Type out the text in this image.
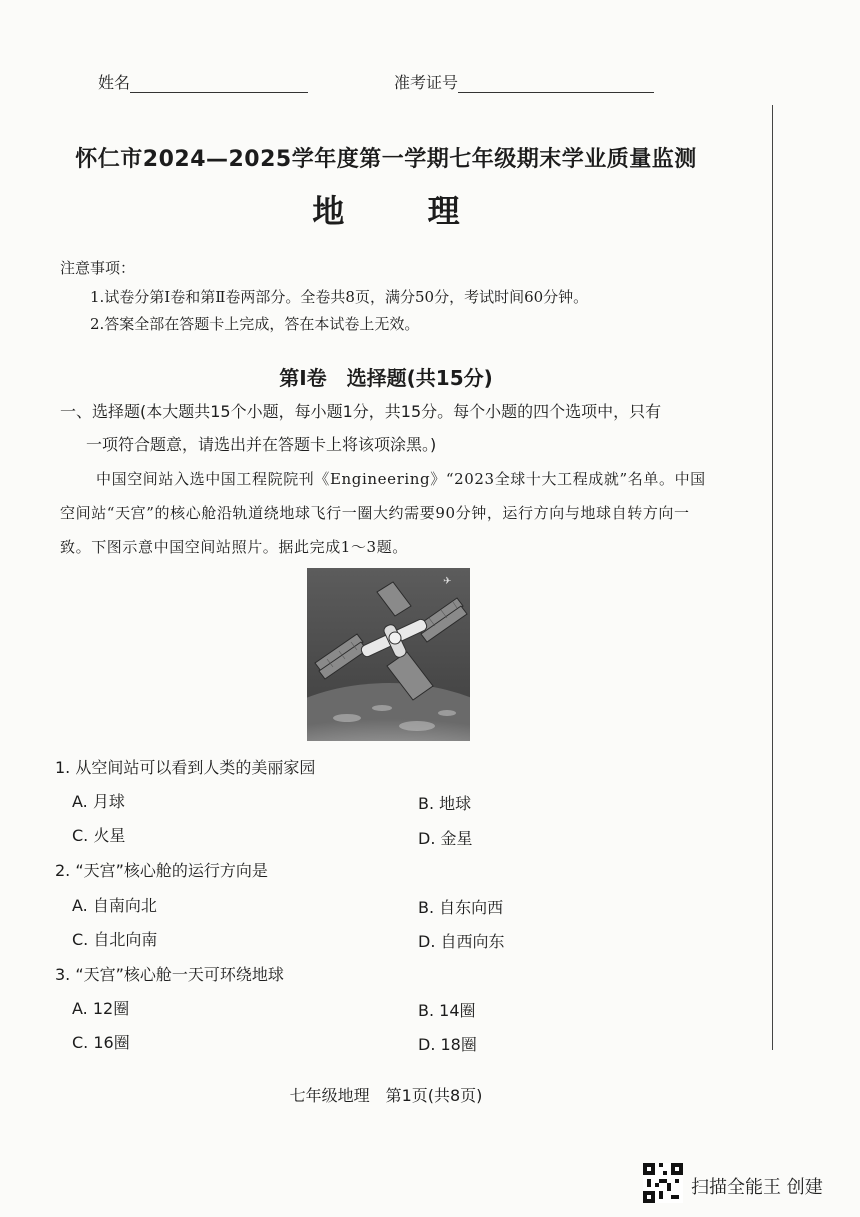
姓名	准考证号
怀仁市2024—2025学年度第一学期七年级期末学业质量监测
地 理
注意事项：
1.试卷分第Ⅰ卷和第Ⅱ卷两部分。全卷共8页，满分50分，考试时间60分钟。
2.答案全部在答题卡上完成，答在本试卷上无效。
第Ⅰ卷　选择题(共15分)
一、选择题(本大题共15个小题，每小题1分，共15分。每个小题的四个选项中，只有
一项符合题意，请选出并在答题卡上将该项涂黑。)
中国空间站入选中国工程院院刊《Engineering》“2023全球十大工程成就”名单。中国空间站“天宫”的核心舱沿轨道绕地球飞行一圈大约需要90分钟，运行方向与地球自转方向一致。下图示意中国空间站照片。据此完成1～3题。
✈
1. 从空间站可以看到人类的美丽家园
A. 月球	B. 地球
C. 火星	D. 金星
2. “天宫”核心舱的运行方向是
A. 自南向北	B. 自东向西
C. 自北向南	D. 自西向东
3. “天宫”核心舱一天可环绕地球
A. 12圈	B. 14圈
C. 16圈	D. 18圈
七年级地理　第1页(共8页)
扫描全能王 创建
